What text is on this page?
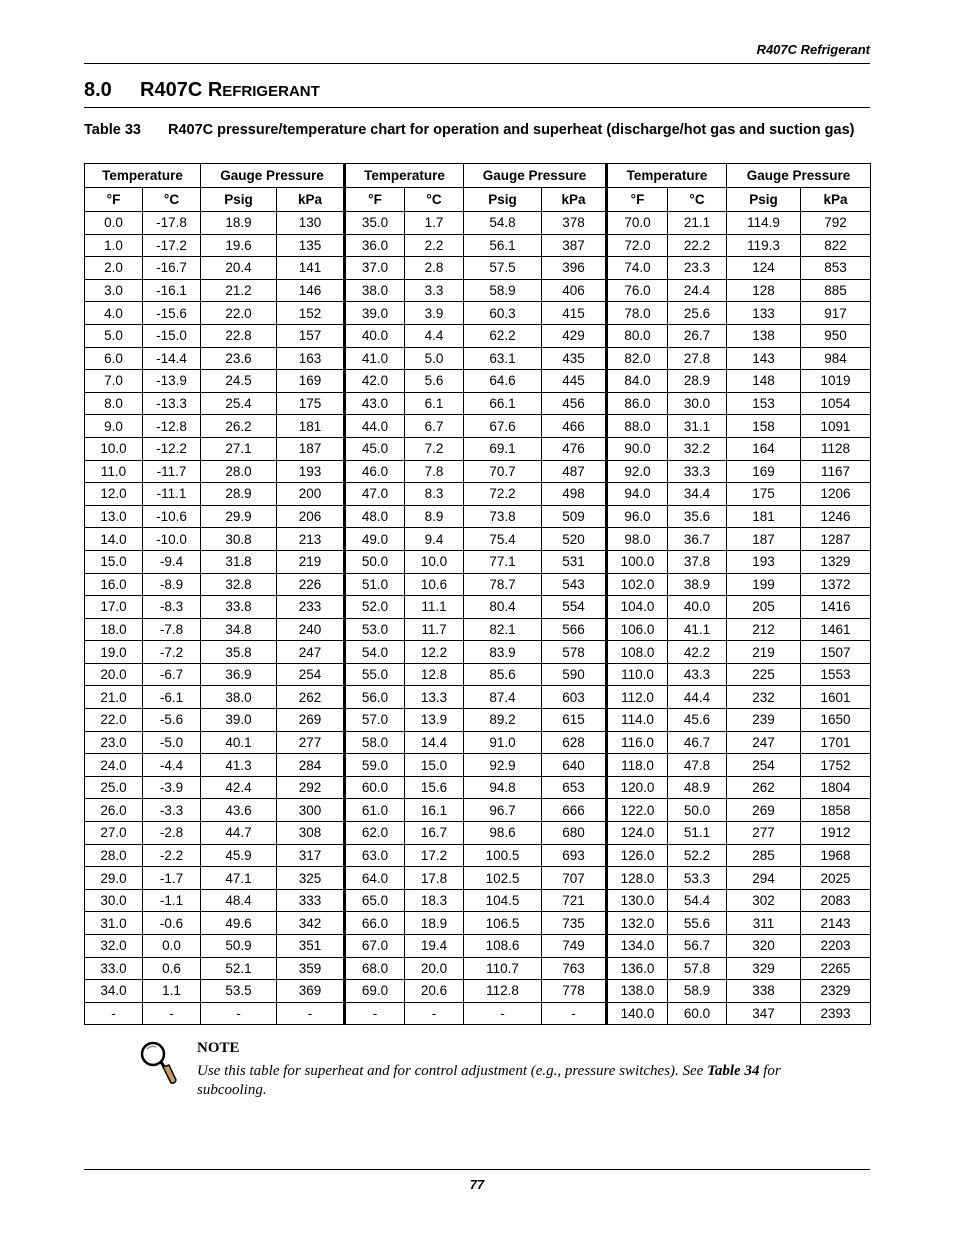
R407C Refrigerant
8.0 R407C REFRIGERANT
Table 33 R407C pressure/temperature chart for operation and superheat (discharge/hot gas and suction gas)
Temperature		Gauge Pressure		Temperature		Gauge Pressure		Temperature		Gauge Pressure	
°F	°C	Psig	kPa	°F	°C	Psig	kPa	°F	°C	Psig	kPa
0.0	-17.8	18.9	130	35.0	1.7	54.8	378	70.0	21.1	114.9	792
1.0	-17.2	19.6	135	36.0	2.2	56.1	387	72.0	22.2	119.3	822
2.0	-16.7	20.4	141	37.0	2.8	57.5	396	74.0	23.3	124	853
3.0	-16.1	21.2	146	38.0	3.3	58.9	406	76.0	24.4	128	885
4.0	-15.6	22.0	152	39.0	3.9	60.3	415	78.0	25.6	133	917
5.0	-15.0	22.8	157	40.0	4.4	62.2	429	80.0	26.7	138	950
6.0	-14.4	23.6	163	41.0	5.0	63.1	435	82.0	27.8	143	984
7.0	-13.9	24.5	169	42.0	5.6	64.6	445	84.0	28.9	148	1019
8.0	-13.3	25.4	175	43.0	6.1	66.1	456	86.0	30.0	153	1054
9.0	-12.8	26.2	181	44.0	6.7	67.6	466	88.0	31.1	158	1091
10.0	-12.2	27.1	187	45.0	7.2	69.1	476	90.0	32.2	164	1128
11.0	-11.7	28.0	193	46.0	7.8	70.7	487	92.0	33.3	169	1167
12.0	-11.1	28.9	200	47.0	8.3	72.2	498	94.0	34.4	175	1206
13.0	-10.6	29.9	206	48.0	8.9	73.8	509	96.0	35.6	181	1246
14.0	-10.0	30.8	213	49.0	9.4	75.4	520	98.0	36.7	187	1287
15.0	-9.4	31.8	219	50.0	10.0	77.1	531	100.0	37.8	193	1329
16.0	-8.9	32.8	226	51.0	10.6	78.7	543	102.0	38.9	199	1372
17.0	-8.3	33.8	233	52.0	11.1	80.4	554	104.0	40.0	205	1416
18.0	-7.8	34.8	240	53.0	11.7	82.1	566	106.0	41.1	212	1461
19.0	-7.2	35.8	247	54.0	12.2	83.9	578	108.0	42.2	219	1507
20.0	-6.7	36.9	254	55.0	12.8	85.6	590	110.0	43.3	225	1553
21.0	-6.1	38.0	262	56.0	13.3	87.4	603	112.0	44.4	232	1601
22.0	-5.6	39.0	269	57.0	13.9	89.2	615	114.0	45.6	239	1650
23.0	-5.0	40.1	277	58.0	14.4	91.0	628	116.0	46.7	247	1701
24.0	-4.4	41.3	284	59.0	15.0	92.9	640	118.0	47.8	254	1752
25.0	-3.9	42.4	292	60.0	15.6	94.8	653	120.0	48.9	262	1804
26.0	-3.3	43.6	300	61.0	16.1	96.7	666	122.0	50.0	269	1858
27.0	-2.8	44.7	308	62.0	16.7	98.6	680	124.0	51.1	277	1912
28.0	-2.2	45.9	317	63.0	17.2	100.5	693	126.0	52.2	285	1968
29.0	-1.7	47.1	325	64.0	17.8	102.5	707	128.0	53.3	294	2025
30.0	-1.1	48.4	333	65.0	18.3	104.5	721	130.0	54.4	302	2083
31.0	-0.6	49.6	342	66.0	18.9	106.5	735	132.0	55.6	311	2143
32.0	0.0	50.9	351	67.0	19.4	108.6	749	134.0	56.7	320	2203
33.0	0.6	52.1	359	68.0	20.0	110.7	763	136.0	57.8	329	2265
34.0	1.1	53.5	369	69.0	20.6	112.8	778	138.0	58.9	338	2329
-	-	-	-	-	-	-	-	140.0	60.0	347	2393
NOTE
Use this table for superheat and for control adjustment (e.g., pressure switches). See Table 34 for subcooling.
77
